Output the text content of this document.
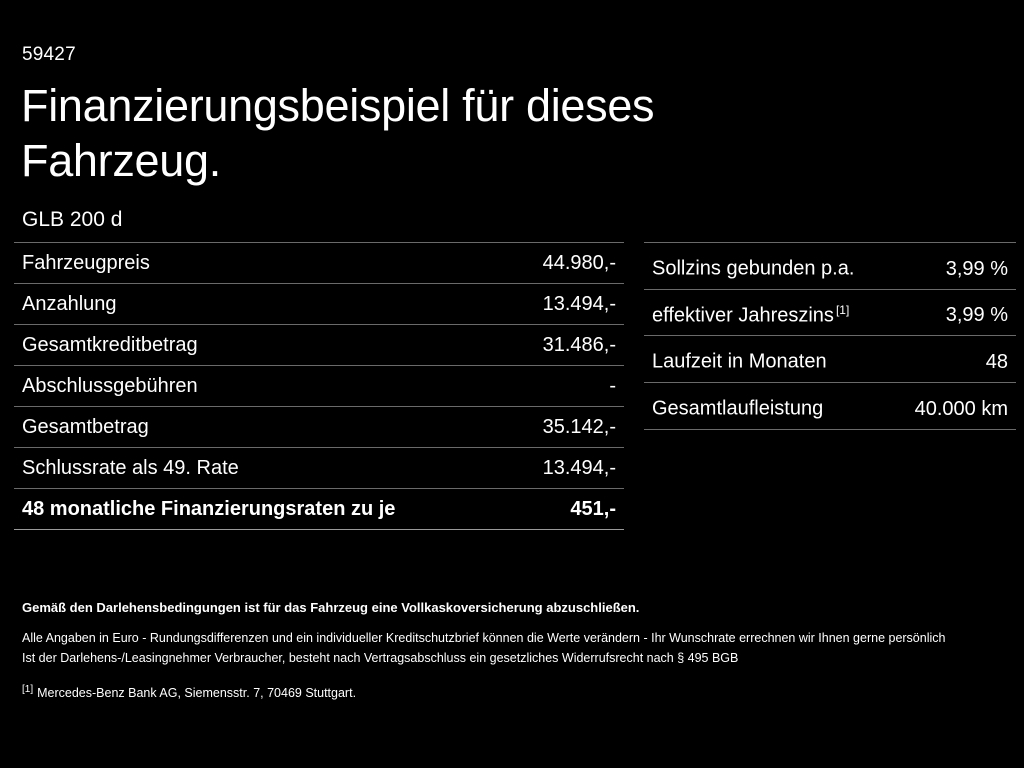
59427
Finanzierungsbeispiel für dieses Fahrzeug.
GLB 200 d
Fahrzeugpreis	44.980,-
Anzahlung	13.494,-
Gesamtkreditbetrag	31.486,-
Abschlussgebühren	-
Gesamtbetrag	35.142,-
Schlussrate als 49. Rate	13.494,-
48 monatliche Finanzierungsraten zu je	451,-
Sollzins gebunden p.a.	3,99 %
effektiver Jahreszins [1]	3,99 %
Laufzeit in Monaten	48
Gesamtlaufleistung	40.000 km
Gemäß den Darlehensbedingungen ist für das Fahrzeug eine Vollkaskoversicherung abzuschließen.
Alle Angaben in Euro - Rundungsdifferenzen und ein individueller Kreditschutzbrief können die Werte verändern - Ihr Wunschrate errechnen wir Ihnen gerne persönlich
Ist der Darlehens-/Leasingnehmer Verbraucher, besteht nach Vertragsabschluss ein gesetzliches Widerrufsrecht nach § 495 BGB
[1] Mercedes-Benz Bank AG, Siemensstr. 7, 70469 Stuttgart.
